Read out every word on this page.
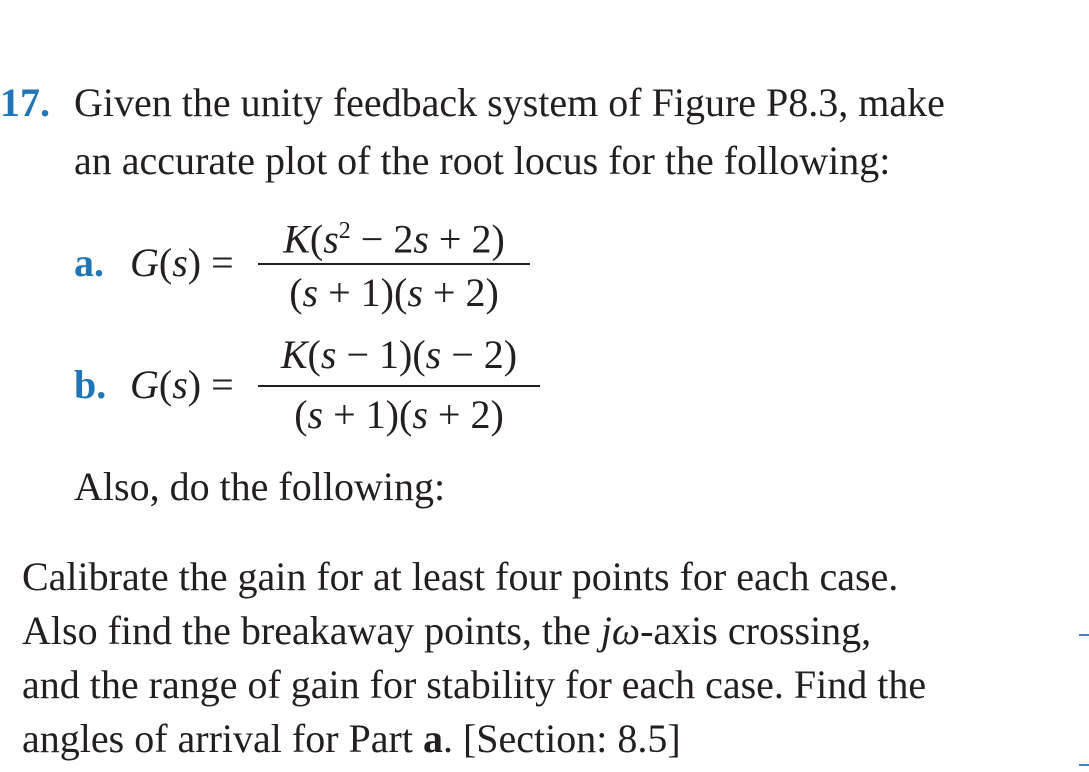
17. Given the unity feedback system of Figure P8.3, make
an accurate plot of the root locus for the following:
a. G(s) =
$K(s^2 - 2s + 2)$
(s + 1)(s + 2)
b. G(s) =
K(s − 1)(s − 2)
(s + 1)(s + 2)
Also, do the following:
Calibrate the gain for at least four points for each case.
Also find the breakaway points, the jω-axis crossing,
and the range of gain for stability for each case. Find the
angles of arrival for Part a. [Section: 8.5]
